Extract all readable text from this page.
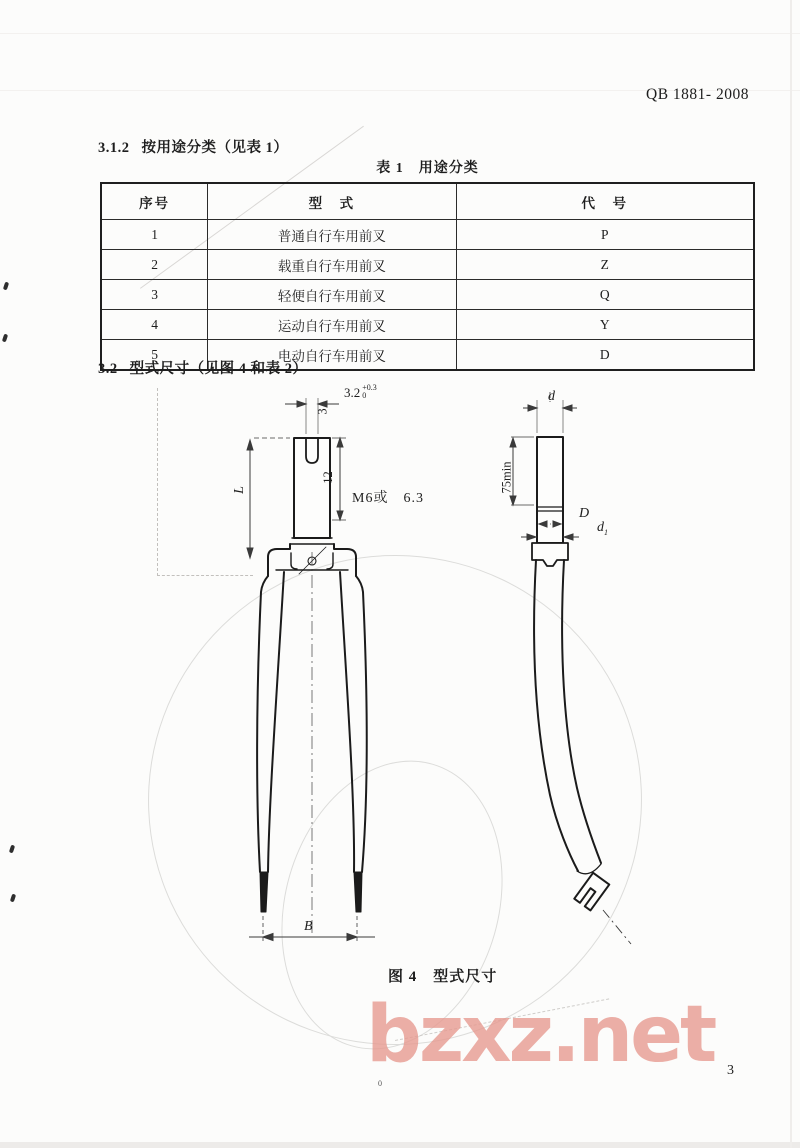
QB 1881- 2008
3.1.2 按用途分类（见表 1）
表 1　用途分类
序号	型　式	代　号
1	普通自行车用前叉	P
2	载重自行车用前叉	Z
3	轻便自行车用前叉	Q
4	运动自行车用前叉	Y
5	电动自行车用前叉	D
3.2 型式尺寸（见图 4 和表 2）
3.2 +0.3
0
3
12
L
M6或　6.3
B
d
75min
D
$d_1$
图 4　型式尺寸
bzxz.net
0
3
